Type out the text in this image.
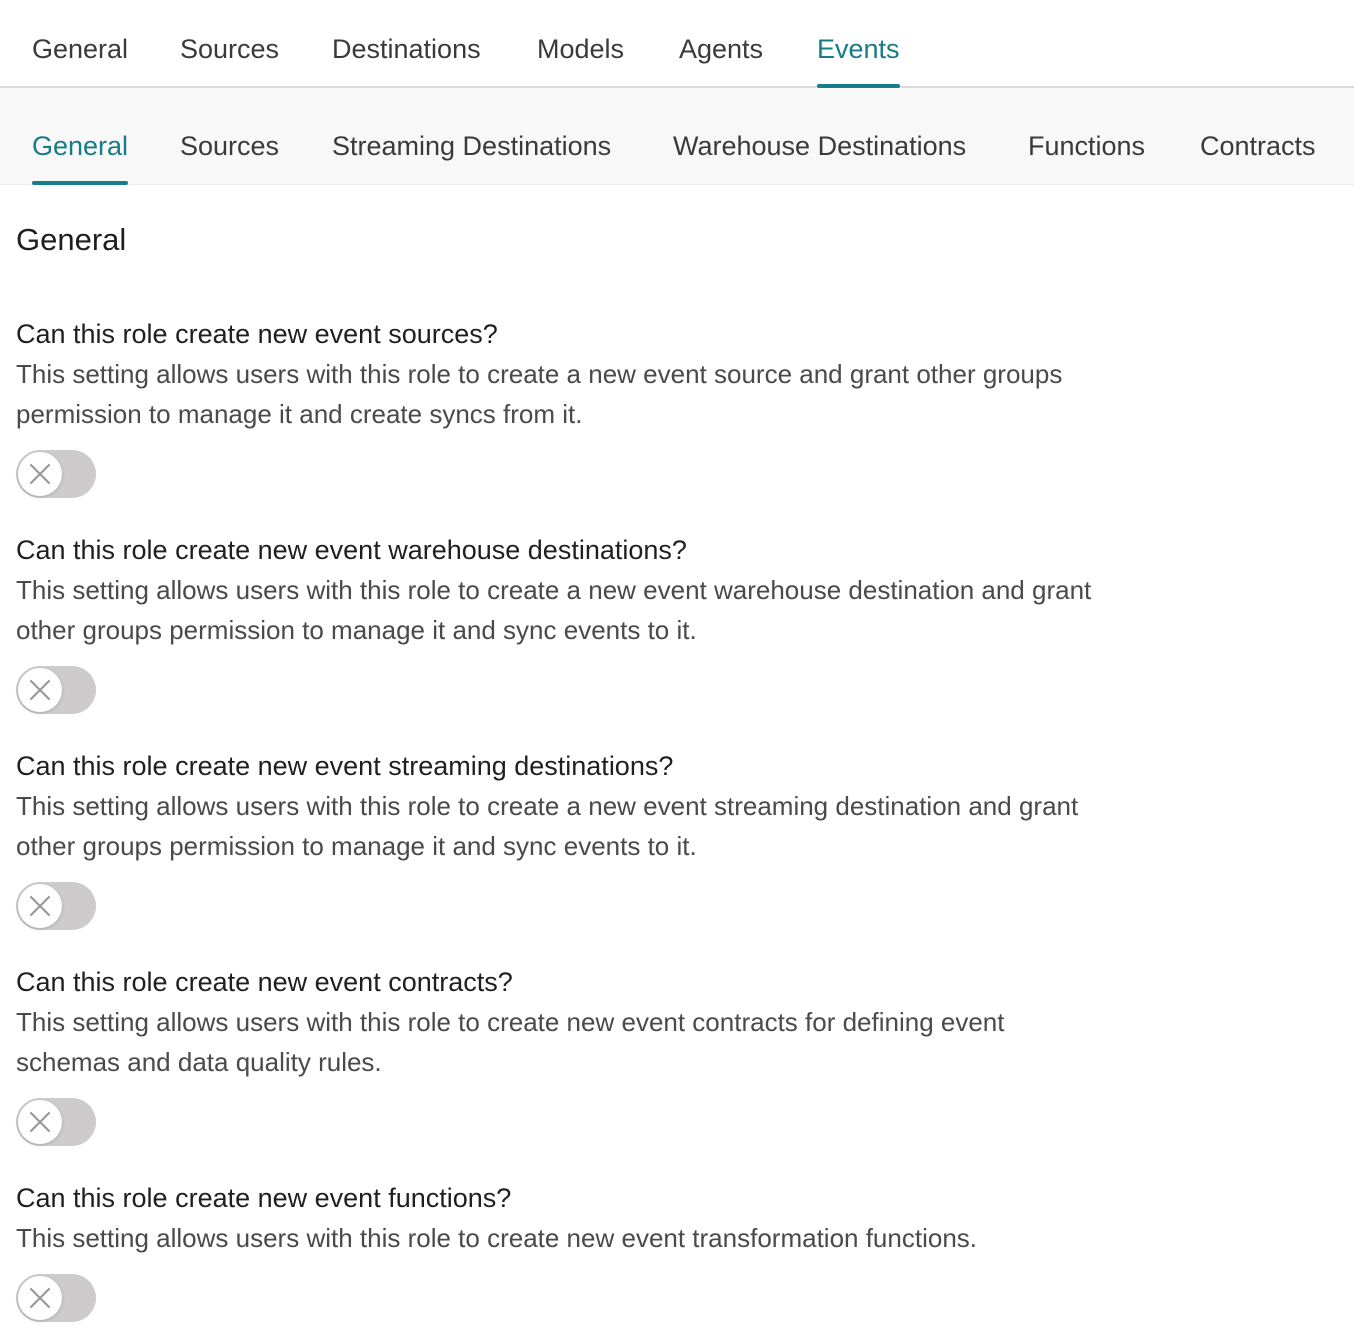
General Sources Destinations Models Agents Events
General Sources Streaming Destinations Warehouse Destinations Functions Contracts
General
Can this role create new event sources?
This setting allows users with this role to create a new event source and grant other groups
permission to manage it and create syncs from it.
Can this role create new event warehouse destinations?
This setting allows users with this role to create a new event warehouse destination and grant
other groups permission to manage it and sync events to it.
Can this role create new event streaming destinations?
This setting allows users with this role to create a new event streaming destination and grant
other groups permission to manage it and sync events to it.
Can this role create new event contracts?
This setting allows users with this role to create new event contracts for defining event
schemas and data quality rules.
Can this role create new event functions?
This setting allows users with this role to create new event transformation functions.
